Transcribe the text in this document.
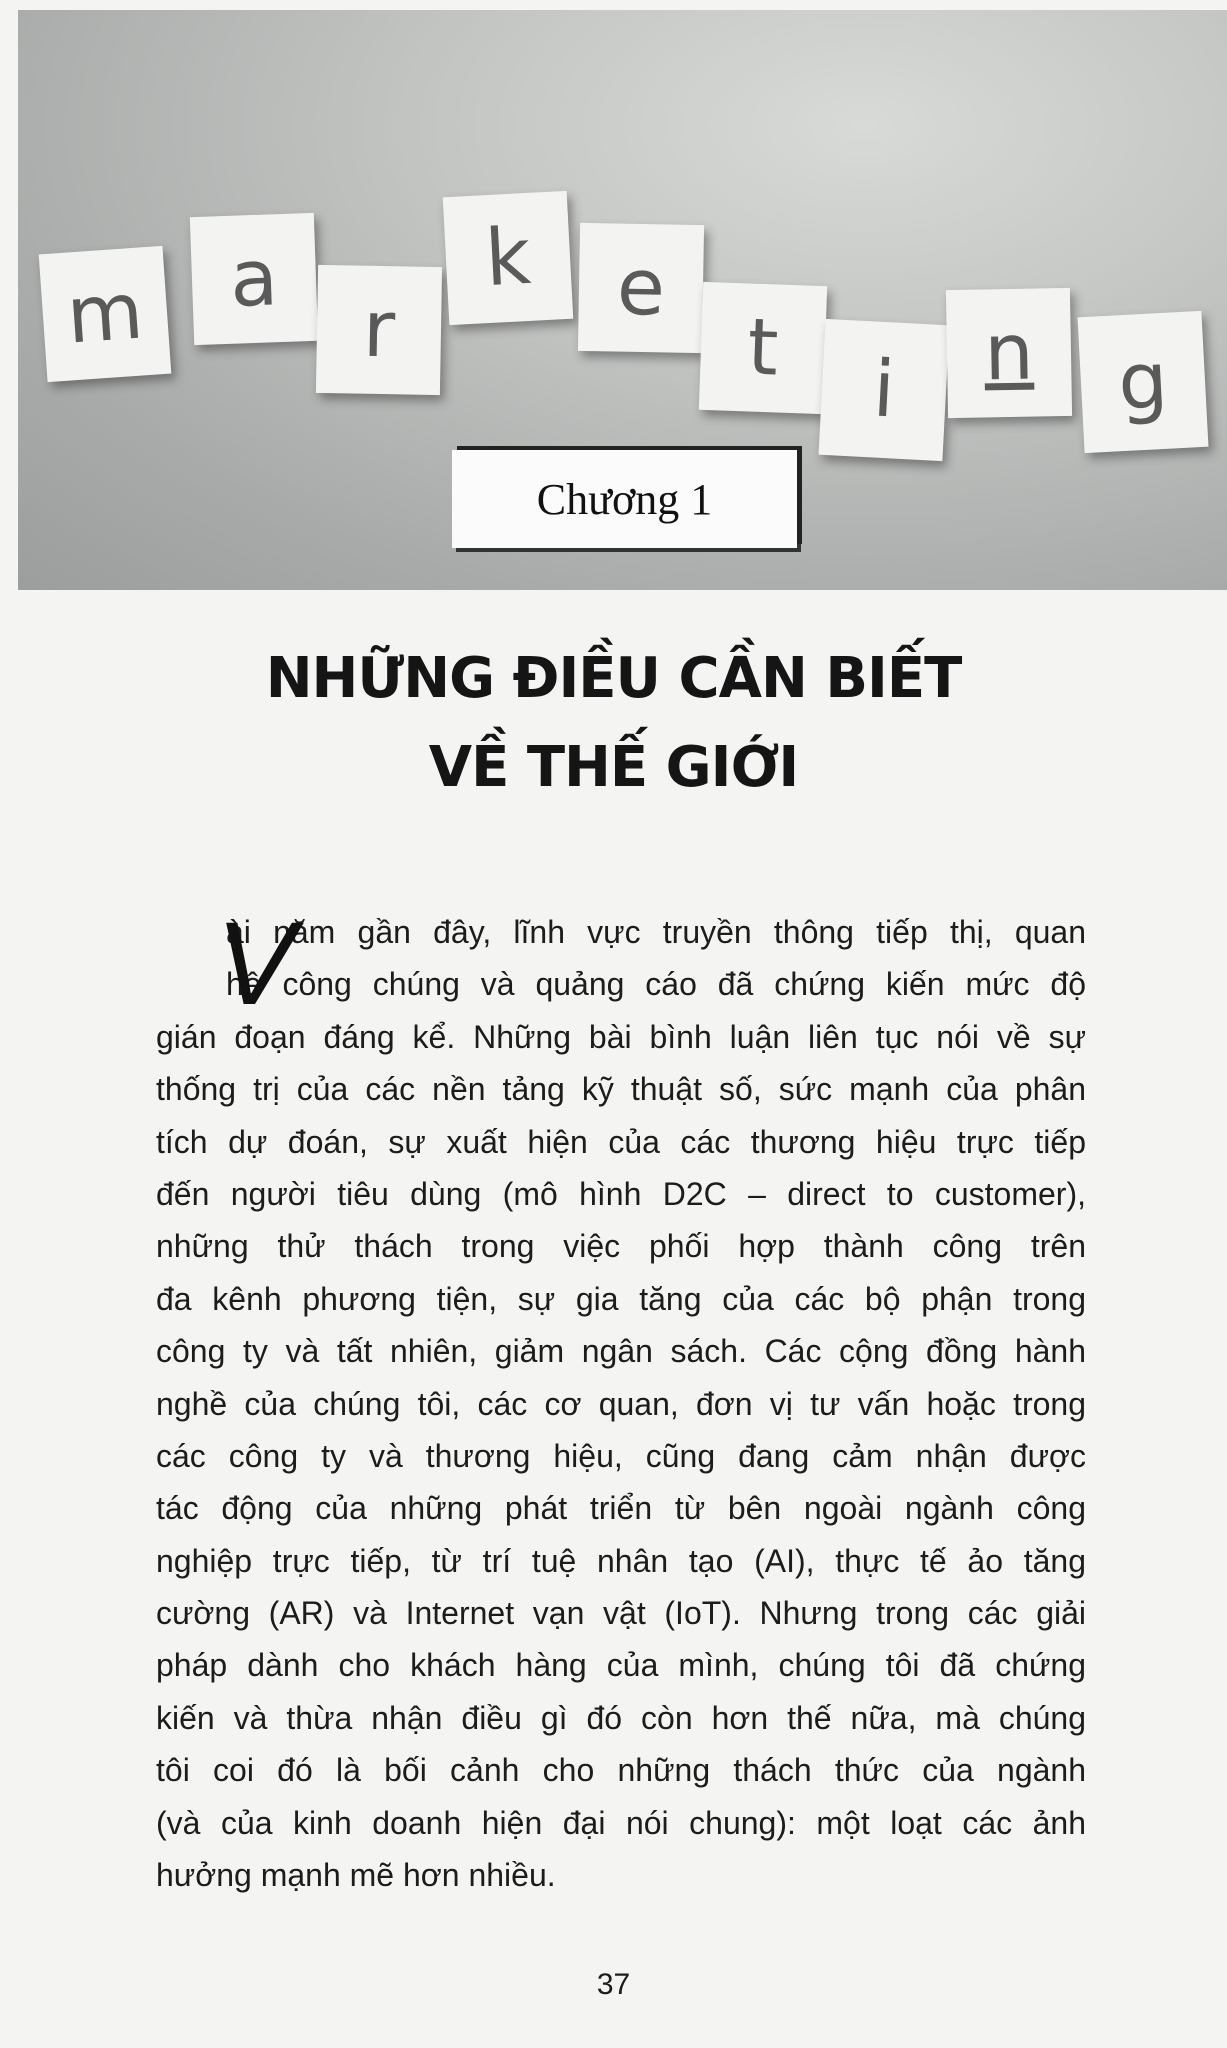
m	a
r
k	e
t	i	n	g
Chương 1
NHỮNG ĐIỀU CẦN BIẾT
VỀ THẾ GIỚI
V
ài năm gần đây, lĩnh vực truyền thông tiếp thị, quan
hệ công chúng và quảng cáo đã chứng kiến mức độ
gián đoạn đáng kể. Những bài bình luận liên tục nói về sự
thống trị của các nền tảng kỹ thuật số, sức mạnh của phân
tích dự đoán, sự xuất hiện của các thương hiệu trực tiếp
đến người tiêu dùng (mô hình D2C – direct to customer),
những thử thách trong việc phối hợp thành công trên
đa kênh phương tiện, sự gia tăng của các bộ phận trong
công ty và tất nhiên, giảm ngân sách. Các cộng đồng hành
nghề của chúng tôi, các cơ quan, đơn vị tư vấn hoặc trong
các công ty và thương hiệu, cũng đang cảm nhận được
tác động của những phát triển từ bên ngoài ngành công
nghiệp trực tiếp, từ trí tuệ nhân tạo (AI), thực tế ảo tăng
cường (AR) và Internet vạn vật (IoT). Nhưng trong các giải
pháp dành cho khách hàng của mình, chúng tôi đã chứng
kiến và thừa nhận điều gì đó còn hơn thế nữa, mà chúng
tôi coi đó là bối cảnh cho những thách thức của ngành
(và của kinh doanh hiện đại nói chung): một loạt các ảnh
hưởng mạnh mẽ hơn nhiều.
37
